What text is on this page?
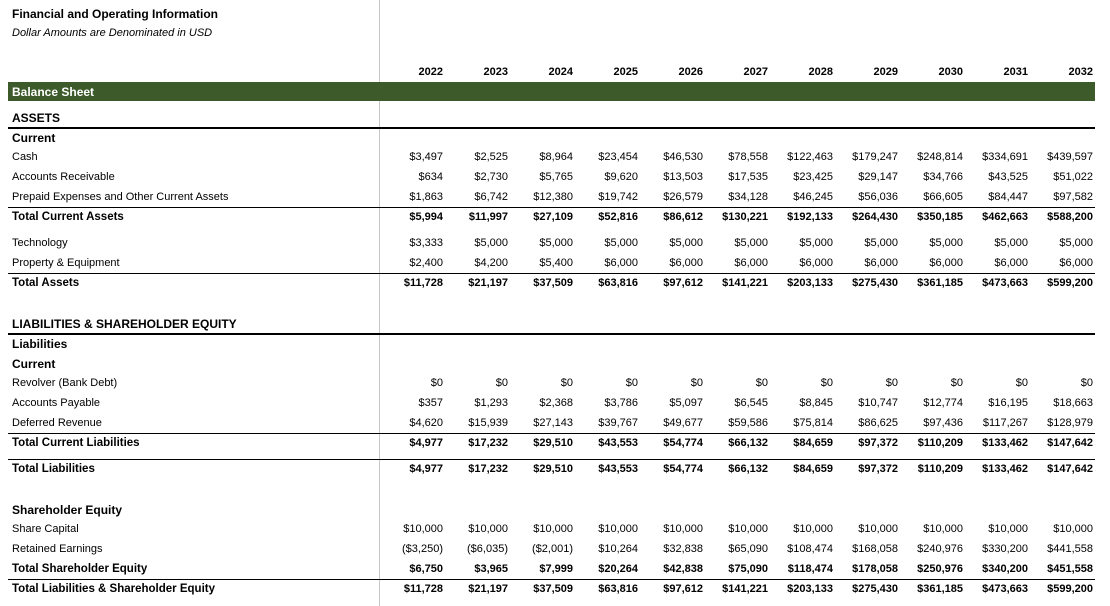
Financial and Operating Information
Dollar Amounts are Denominated in USD
2022	2023	2024	2025	2026	2027	2028	2029	2030	2031	2032
Balance Sheet
ASSETS
Current
Cash	$3,497	$2,525	$8,964	$23,454	$46,530	$78,558	$122,463	$179,247	$248,814	$334,691	$439,597
Accounts Receivable	$634	$2,730	$5,765	$9,620	$13,503	$17,535	$23,425	$29,147	$34,766	$43,525	$51,022
Prepaid Expenses and Other Current Assets	$1,863	$6,742	$12,380	$19,742	$26,579	$34,128	$46,245	$56,036	$66,605	$84,447	$97,582
Total Current Assets	$5,994	$11,997	$27,109	$52,816	$86,612	$130,221	$192,133	$264,430	$350,185	$462,663	$588,200
Technology	$3,333	$5,000	$5,000	$5,000	$5,000	$5,000	$5,000	$5,000	$5,000	$5,000	$5,000
Property & Equipment	$2,400	$4,200	$5,400	$6,000	$6,000	$6,000	$6,000	$6,000	$6,000	$6,000	$6,000
Total Assets	$11,728	$21,197	$37,509	$63,816	$97,612	$141,221	$203,133	$275,430	$361,185	$473,663	$599,200
LIABILITIES & SHAREHOLDER EQUITY
Liabilities
Current
Revolver (Bank Debt)	$0	$0	$0	$0	$0	$0	$0	$0	$0	$0	$0
Accounts Payable	$357	$1,293	$2,368	$3,786	$5,097	$6,545	$8,845	$10,747	$12,774	$16,195	$18,663
Deferred Revenue	$4,620	$15,939	$27,143	$39,767	$49,677	$59,586	$75,814	$86,625	$97,436	$117,267	$128,979
Total Current Liabilities	$4,977	$17,232	$29,510	$43,553	$54,774	$66,132	$84,659	$97,372	$110,209	$133,462	$147,642
Total Liabilities	$4,977	$17,232	$29,510	$43,553	$54,774	$66,132	$84,659	$97,372	$110,209	$133,462	$147,642
Shareholder Equity
Share Capital	$10,000	$10,000	$10,000	$10,000	$10,000	$10,000	$10,000	$10,000	$10,000	$10,000	$10,000
Retained Earnings	($3,250)	($6,035)	($2,001)	$10,264	$32,838	$65,090	$108,474	$168,058	$240,976	$330,200	$441,558
Total Shareholder Equity	$6,750	$3,965	$7,999	$20,264	$42,838	$75,090	$118,474	$178,058	$250,976	$340,200	$451,558
Total Liabilities & Shareholder Equity	$11,728	$21,197	$37,509	$63,816	$97,612	$141,221	$203,133	$275,430	$361,185	$473,663	$599,200
